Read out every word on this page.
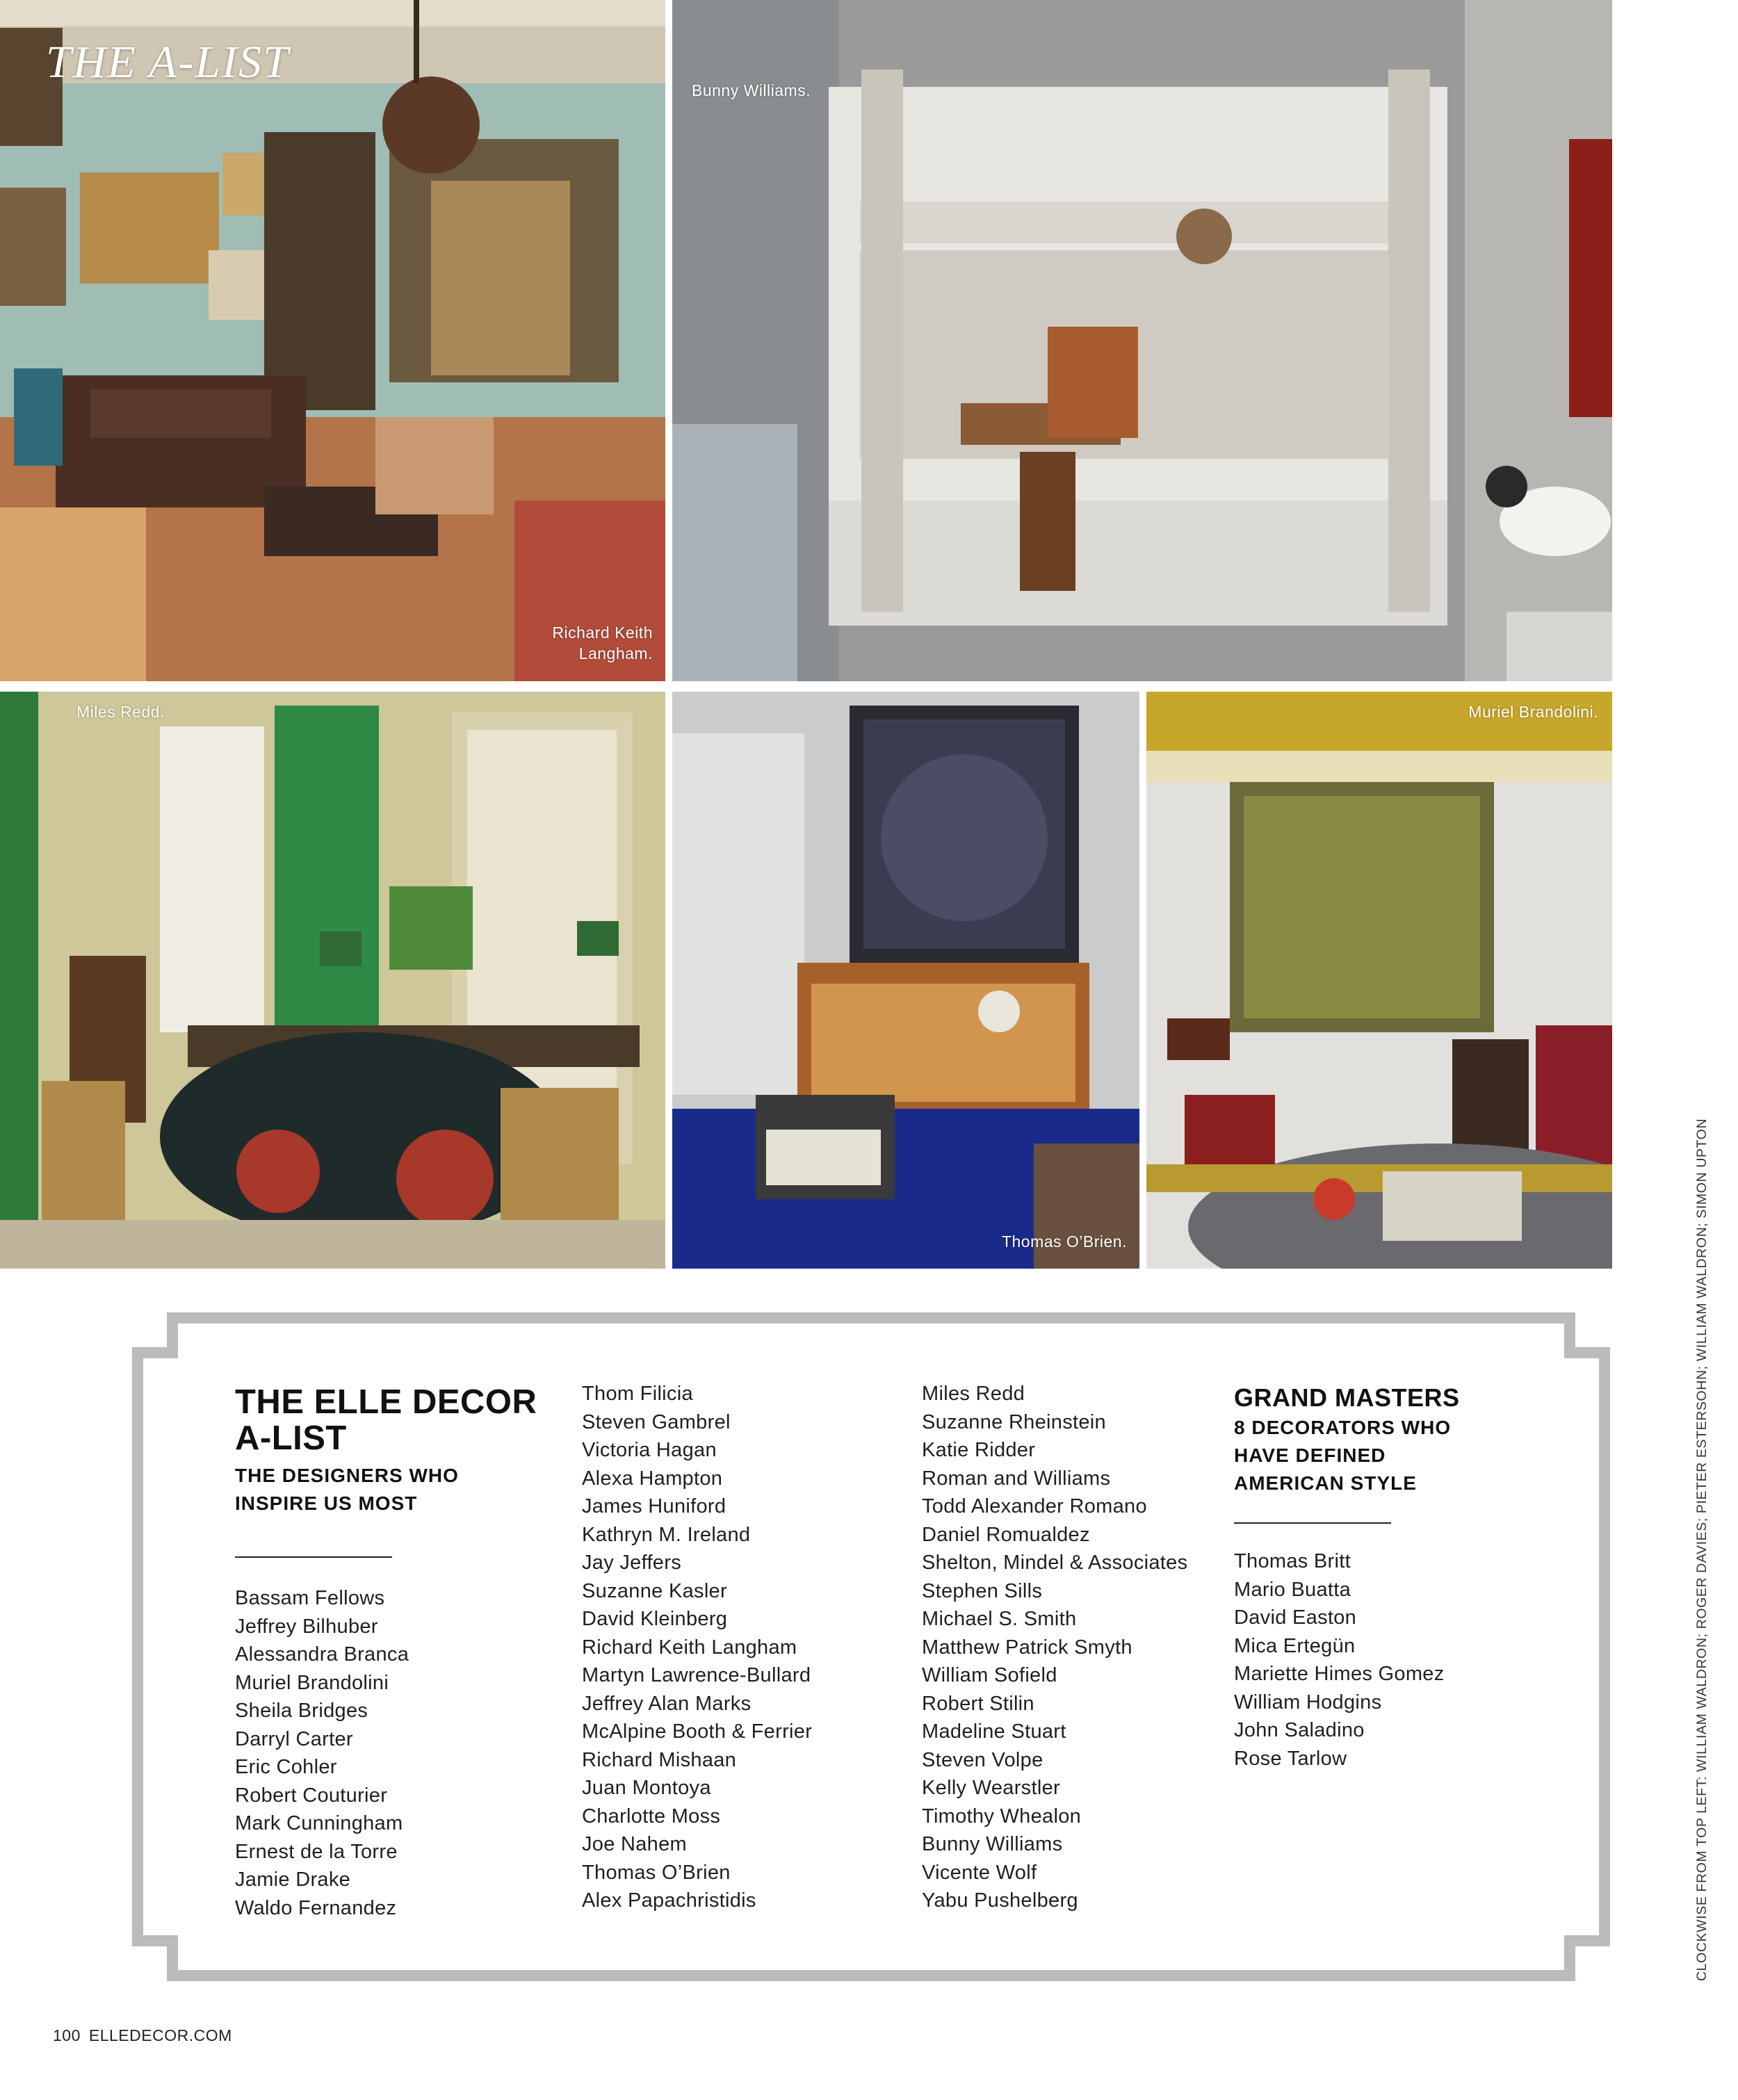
Richard Keith
Langham.
THE A-LIST
Bunny Williams.
Miles Redd.
Thomas O’Brien.
Muriel Brandolini.
THE ELLE DECOR
A-LIST
THE DESIGNERS WHO
INSPIRE US MOST
Bassam Fellows
Jeffrey Bilhuber
Alessandra Branca
Muriel Brandolini
Sheila Bridges
Darryl Carter
Eric Cohler
Robert Couturier
Mark Cunningham
Ernest de la Torre
Jamie Drake
Waldo Fernandez
Thom Filicia
Steven Gambrel
Victoria Hagan
Alexa Hampton
James Huniford
Kathryn M. Ireland
Jay Jeffers
Suzanne Kasler
David Kleinberg
Richard Keith Langham
Martyn Lawrence-Bullard
Jeffrey Alan Marks
McAlpine Booth & Ferrier
Richard Mishaan
Juan Montoya
Charlotte Moss
Joe Nahem
Thomas O’Brien
Alex Papachristidis
Miles Redd
Suzanne Rheinstein
Katie Ridder
Roman and Williams
Todd Alexander Romano
Daniel Romualdez
Shelton, Mindel & Associates
Stephen Sills
Michael S. Smith
Matthew Patrick Smyth
William Sofield
Robert Stilin
Madeline Stuart
Steven Volpe
Kelly Wearstler
Timothy Whealon
Bunny Williams
Vicente Wolf
Yabu Pushelberg
GRAND MASTERS
8 DECORATORS WHO
HAVE DEFINED
AMERICAN STYLE
Thomas Britt
Mario Buatta
David Easton
Mica Ertegün
Mariette Himes Gomez
William Hodgins
John Saladino
Rose Tarlow	CLOCKWISE FROM TOP LEFT: WILLIAM WALDRON; ROGER DAVIES; PIETER ESTERSOHN; WILLIAM WALDRON; SIMON UPTON
100 ELLEDECOR.COM
